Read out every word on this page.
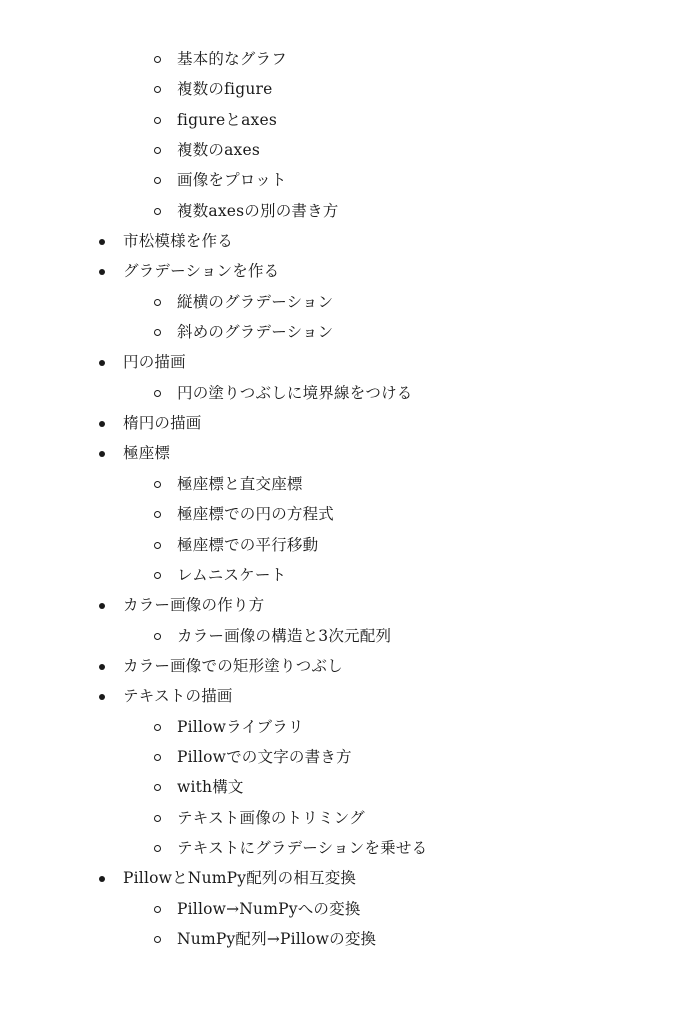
基本的なグラフ
複数のfigure
figureとaxes
複数のaxes
画像をプロット
複数axesの別の書き方
市松模様を作る
グラデーションを作る
縦横のグラデーション
斜めのグラデーション
円の描画
円の塗りつぶしに境界線をつける
楕円の描画
極座標
極座標と直交座標
極座標での円の方程式
極座標での平行移動
レムニスケート
カラー画像の作り方
カラー画像の構造と3次元配列
カラー画像での矩形塗りつぶし
テキストの描画
Pillowライブラリ
Pillowでの文字の書き方
with構文
テキスト画像のトリミング
テキストにグラデーションを乗せる
PillowとNumPy配列の相互変換
Pillow→NumPyへの変換
NumPy配列→Pillowの変換
